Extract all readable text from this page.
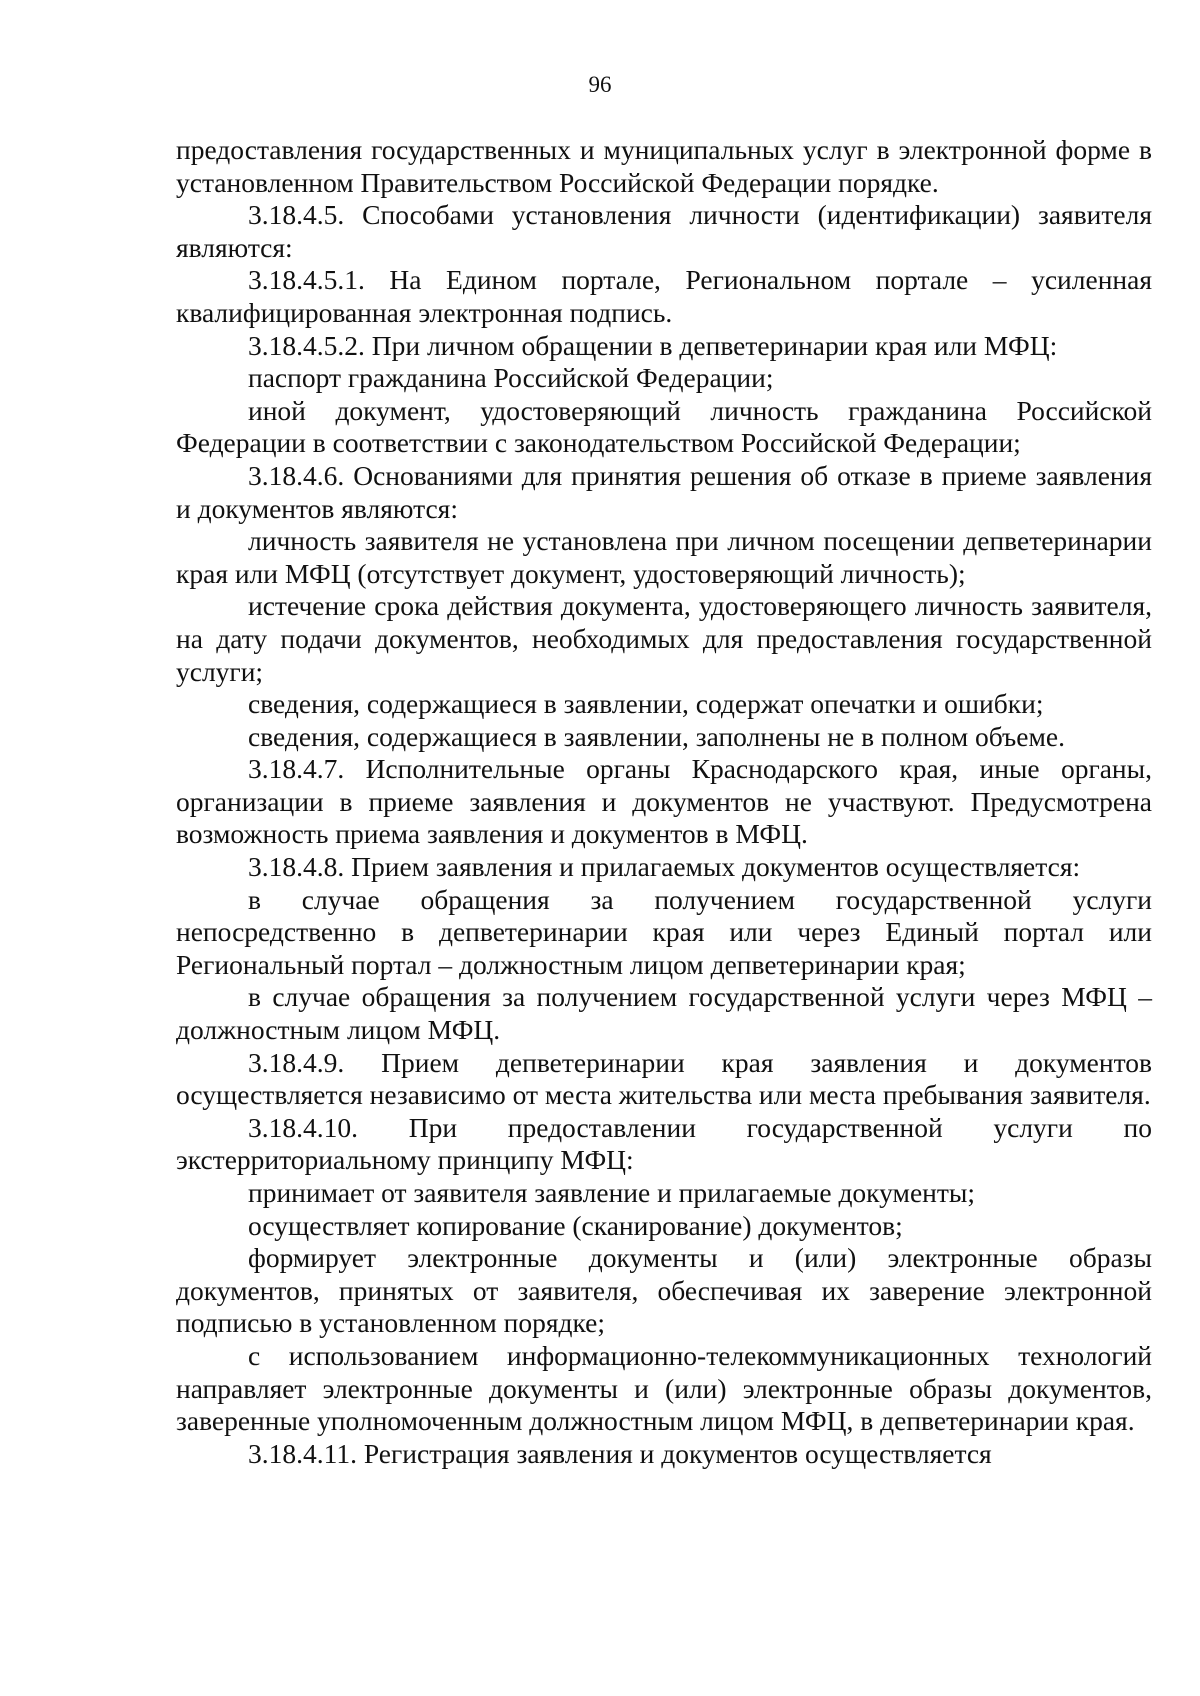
96

предоставления государственных и муниципальных услуг в электронной форме в установленном Правительством Российской Федерации порядке.

3.18.4.5. Способами установления личности (идентификации) заявителя являются:

3.18.4.5.1. На Едином портале, Региональном портале – усиленная квалифицированная электронная подпись.

3.18.4.5.2. При личном обращении в депветеринарии края или МФЦ:

паспорт гражданина Российской Федерации;

иной документ, удостоверяющий личность гражданина Российской Федерации в соответствии с законодательством Российской Федерации;

3.18.4.6. Основаниями для принятия решения об отказе в приеме заявления и документов являются:

личность заявителя не установлена при личном посещении депветеринарии края или МФЦ (отсутствует документ, удостоверяющий личность);

истечение срока действия документа, удостоверяющего личность заявителя, на дату подачи документов, необходимых для предоставления государственной услуги;

сведения, содержащиеся в заявлении, содержат опечатки и ошибки;

сведения, содержащиеся в заявлении, заполнены не в полном объеме.

3.18.4.7. Исполнительные органы Краснодарского края, иные органы, организации в приеме заявления и документов не участвуют. Предусмотрена возможность приема заявления и документов в МФЦ.

3.18.4.8. Прием заявления и прилагаемых документов осуществляется:

в случае обращения за получением государственной услуги непосредственно в депветеринарии края или через Единый портал или Региональный портал – должностным лицом депветеринарии края;

в случае обращения за получением государственной услуги через МФЦ – должностным лицом МФЦ.

3.18.4.9. Прием депветеринарии края заявления и документов осуществляется независимо от места жительства или места пребывания заявителя.

3.18.4.10. При предоставлении государственной услуги по экстерриториальному принципу МФЦ:

принимает от заявителя заявление и прилагаемые документы;

осуществляет копирование (сканирование) документов;

формирует электронные документы и (или) электронные образы документов, принятых от заявителя, обеспечивая их заверение электронной подписью в установленном порядке;

с использованием информационно-телекоммуникационных технологий направляет электронные документы и (или) электронные образы документов, заверенные уполномоченным должностным лицом МФЦ, в депветеринарии края.

3.18.4.11. Регистрация заявления и документов осуществляется
